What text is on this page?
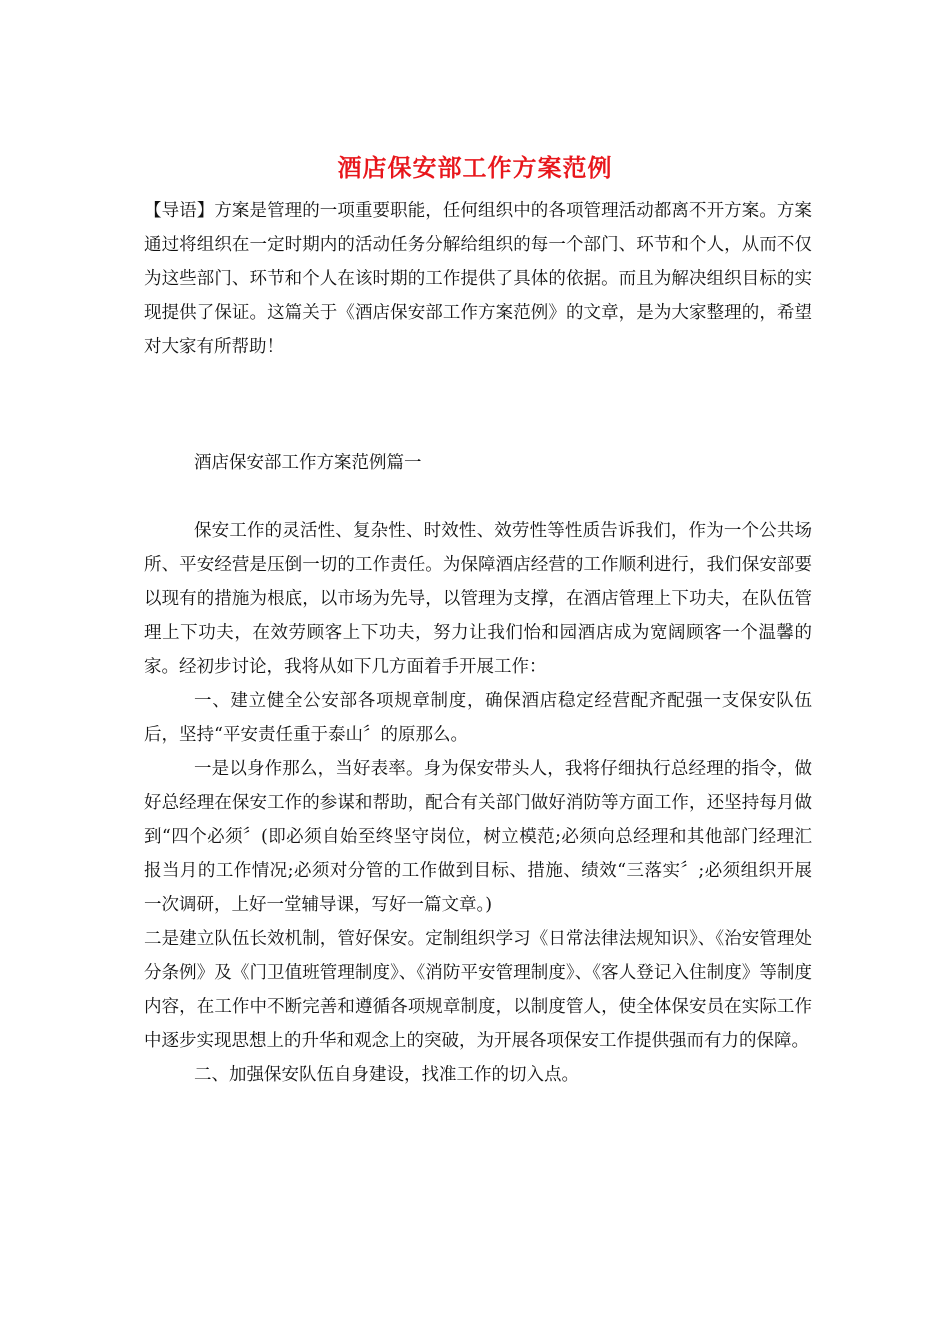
酒店保安部工作方案范例
【导语】方案是管理的一项重要职能，任何组织中的各项管理活动都离不开方案。方案通过将组织在一定时期内的活动任务分解给组织的每一个部门、环节和个人，从而不仅为这些部门、环节和个人在该时期的工作提供了具体的依据。而且为解决组织目标的实现提供了保证。这篇关于《酒店保安部工作方案范例》的文章，是为大家整理的，希望对大家有所帮助！
酒店保安部工作方案范例篇一

保安工作的灵活性、复杂性、时效性、效劳性等性质告诉我们，作为一个公共场所、平安经营是压倒一切的工作责任。为保障酒店经营的工作顺利进行，我们保安部要以现有的措施为根底，以市场为先导，以管理为支撑，在酒店管理上下功夫，在队伍管理上下功夫，在效劳顾客上下功夫，努力让我们怡和园酒店成为宽阔顾客一个温馨的家。经初步讨论，我将从如下几方面着手开展工作：

一、建立健全公安部各项规章制度，确保酒店稳定经营配齐配强一支保安队伍后，坚持“平安责任重于泰山〞的原那么。

一是以身作那么，当好表率。身为保安带头人，我将仔细执行总经理的指令，做好总经理在保安工作的参谋和帮助，配合有关部门做好消防等方面工作，还坚持每月做到“四个必须〞(即必须自始至终坚守岗位，树立模范;必须向总经理和其他部门经理汇报当月的工作情况;必须对分管的工作做到目标、措施、绩效“三落实〞;必须组织开展一次调研，上好一堂辅导课，写好一篇文章。)

二是建立队伍长效机制，管好保安。定制组织学习《日常法律法规知识》、《治安管理处分条例》及《门卫值班管理制度》、《消防平安管理制度》、《客人登记入住制度》等制度内容，在工作中不断完善和遵循各项规章制度，以制度管人，使全体保安员在实际工作中逐步实现思想上的升华和观念上的突破，为开展各项保安工作提供强而有力的保障。

二、加强保安队伍自身建设，找准工作的切入点。
